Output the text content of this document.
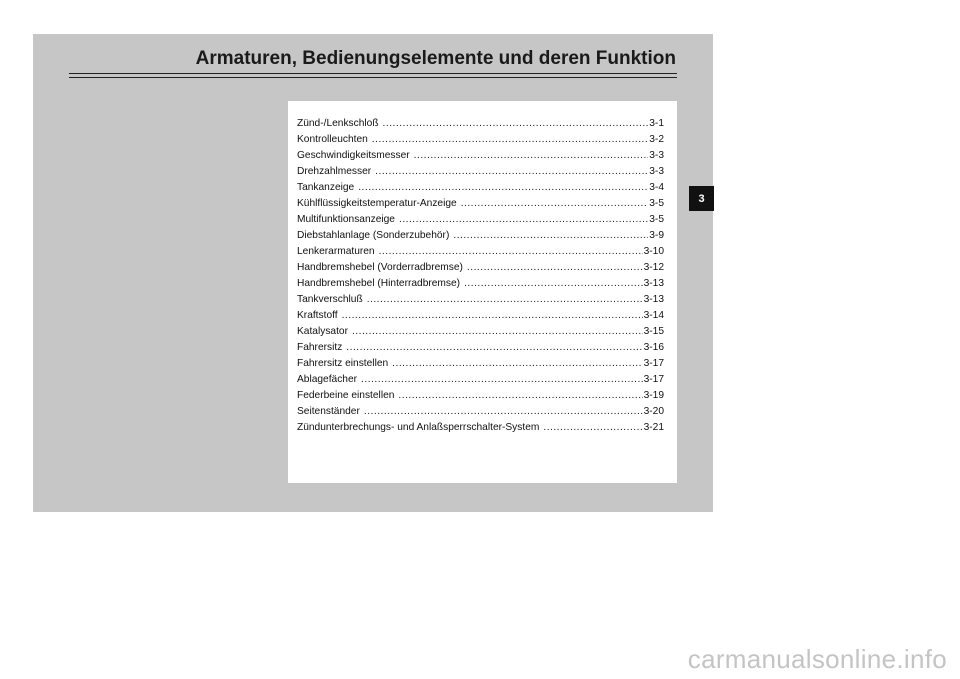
Armaturen, Bedienungselemente und deren Funktion
Zünd-/Lenkschloß .....	3-1
Kontrolleuchten .....	3-2
Geschwindigkeitsmesser .....	3-3
Drehzahlmesser .....	3-3
Tankanzeige .....	3-4
Kühlflüssigkeitstemperatur-Anzeige .....	3-5
Multifunktionsanzeige .....	3-5
Diebstahlanlage (Sonderzubehör) .....	3-9
Lenkerarmaturen .....	3-10
Handbremshebel (Vorderradbremse) .....	3-12
Handbremshebel (Hinterradbremse) .....	3-13
Tankverschluß .....	3-13
Kraftstoff .....	3-14
Katalysator .....	3-15
Fahrersitz .....	3-16
Fahrersitz einstellen .....	3-17
Ablagefächer .....	3-17
Federbeine einstellen .....	3-19
Seitenständer .....	3-20
Zündunterbrechungs- und Anlaßsperrschalter-System .....	3-21
3
carmanualsonline.info
